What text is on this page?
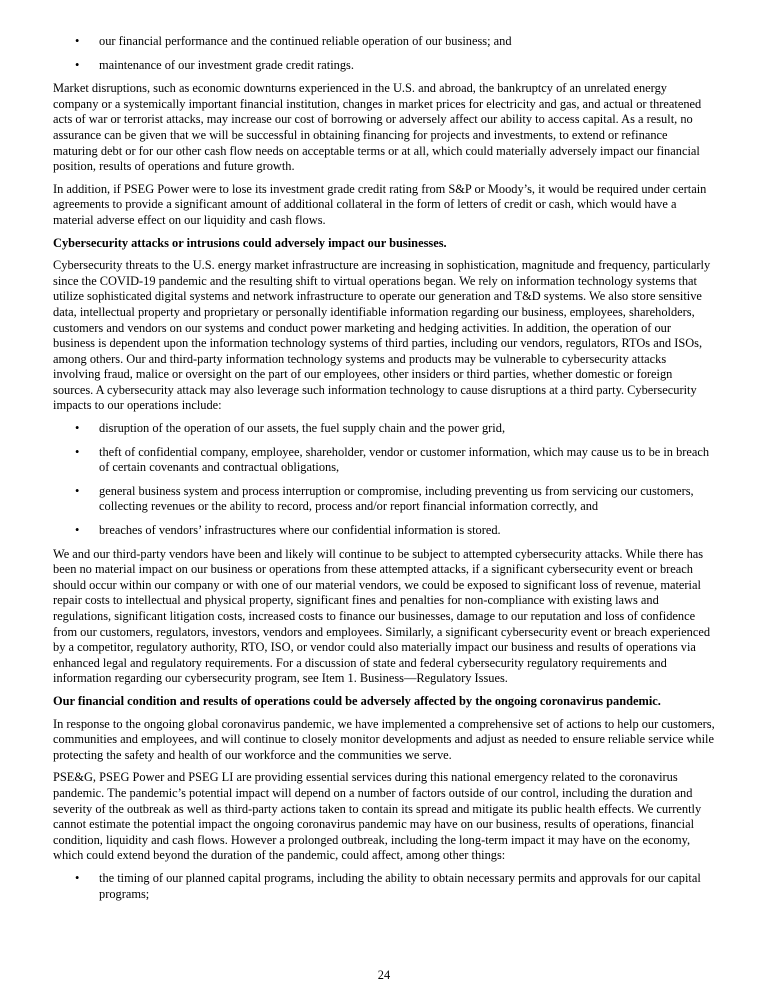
• our financial performance and the continued reliable operation of our business; and
• maintenance of our investment grade credit ratings.

Market disruptions, such as economic downturns experienced in the U.S. and abroad, the bankruptcy of an unrelated energy company or a systemically important financial institution, changes in market prices for electricity and gas, and actual or threatened acts of war or terrorist attacks, may increase our cost of borrowing or adversely affect our ability to access capital. As a result, no assurance can be given that we will be successful in obtaining financing for projects and investments, to extend or refinance maturing debt or for our other cash flow needs on acceptable terms or at all, which could materially adversely impact our financial position, results of operations and future growth.

In addition, if PSEG Power were to lose its investment grade credit rating from S&P or Moody’s, it would be required under certain agreements to provide a significant amount of additional collateral in the form of letters of credit or cash, which would have a material adverse effect on our liquidity and cash flows.

Cybersecurity attacks or intrusions could adversely impact our businesses.

Cybersecurity threats to the U.S. energy market infrastructure are increasing in sophistication, magnitude and frequency, particularly since the COVID-19 pandemic and the resulting shift to virtual operations began. We rely on information technology systems that utilize sophisticated digital systems and network infrastructure to operate our generation and T&D systems. We also store sensitive data, intellectual property and proprietary or personally identifiable information regarding our business, employees, shareholders, customers and vendors on our systems and conduct power marketing and hedging activities. In addition, the operation of our business is dependent upon the information technology systems of third parties, including our vendors, regulators, RTOs and ISOs, among others. Our and third-party information technology systems and products may be vulnerable to cybersecurity attacks involving fraud, malice or oversight on the part of our employees, other insiders or third parties, whether domestic or foreign sources. A cybersecurity attack may also leverage such information technology to cause disruptions at a third party. Cybersecurity impacts to our operations include:

• disruption of the operation of our assets, the fuel supply chain and the power grid,
• theft of confidential company, employee, shareholder, vendor or customer information, which may cause us to be in breach of certain covenants and contractual obligations,
• general business system and process interruption or compromise, including preventing us from servicing our customers, collecting revenues or the ability to record, process and/or report financial information correctly, and
• breaches of vendors’ infrastructures where our confidential information is stored.

We and our third-party vendors have been and likely will continue to be subject to attempted cybersecurity attacks. While there has been no material impact on our business or operations from these attempted attacks, if a significant cybersecurity event or breach should occur within our company or with one of our material vendors, we could be exposed to significant loss of revenue, material repair costs to intellectual and physical property, significant fines and penalties for non-compliance with existing laws and regulations, significant litigation costs, increased costs to finance our businesses, damage to our reputation and loss of confidence from our customers, regulators, investors, vendors and employees. Similarly, a significant cybersecurity event or breach experienced by a competitor, regulatory authority, RTO, ISO, or vendor could also materially impact our business and results of operations via enhanced legal and regulatory requirements. For a discussion of state and federal cybersecurity regulatory requirements and information regarding our cybersecurity program, see Item 1. Business—Regulatory Issues.

Our financial condition and results of operations could be adversely affected by the ongoing coronavirus pandemic.

In response to the ongoing global coronavirus pandemic, we have implemented a comprehensive set of actions to help our customers, communities and employees, and will continue to closely monitor developments and adjust as needed to ensure reliable service while protecting the safety and health of our workforce and the communities we serve.

PSE&G, PSEG Power and PSEG LI are providing essential services during this national emergency related to the coronavirus pandemic. The pandemic’s potential impact will depend on a number of factors outside of our control, including the duration and severity of the outbreak as well as third-party actions taken to contain its spread and mitigate its public health effects. We currently cannot estimate the potential impact the ongoing coronavirus pandemic may have on our business, results of operations, financial condition, liquidity and cash flows. However a prolonged outbreak, including the long-term impact it may have on the economy, which could extend beyond the duration of the pandemic, could affect, among other things:

• the timing of our planned capital programs, including the ability to obtain necessary permits and approvals for our capital programs;
24
